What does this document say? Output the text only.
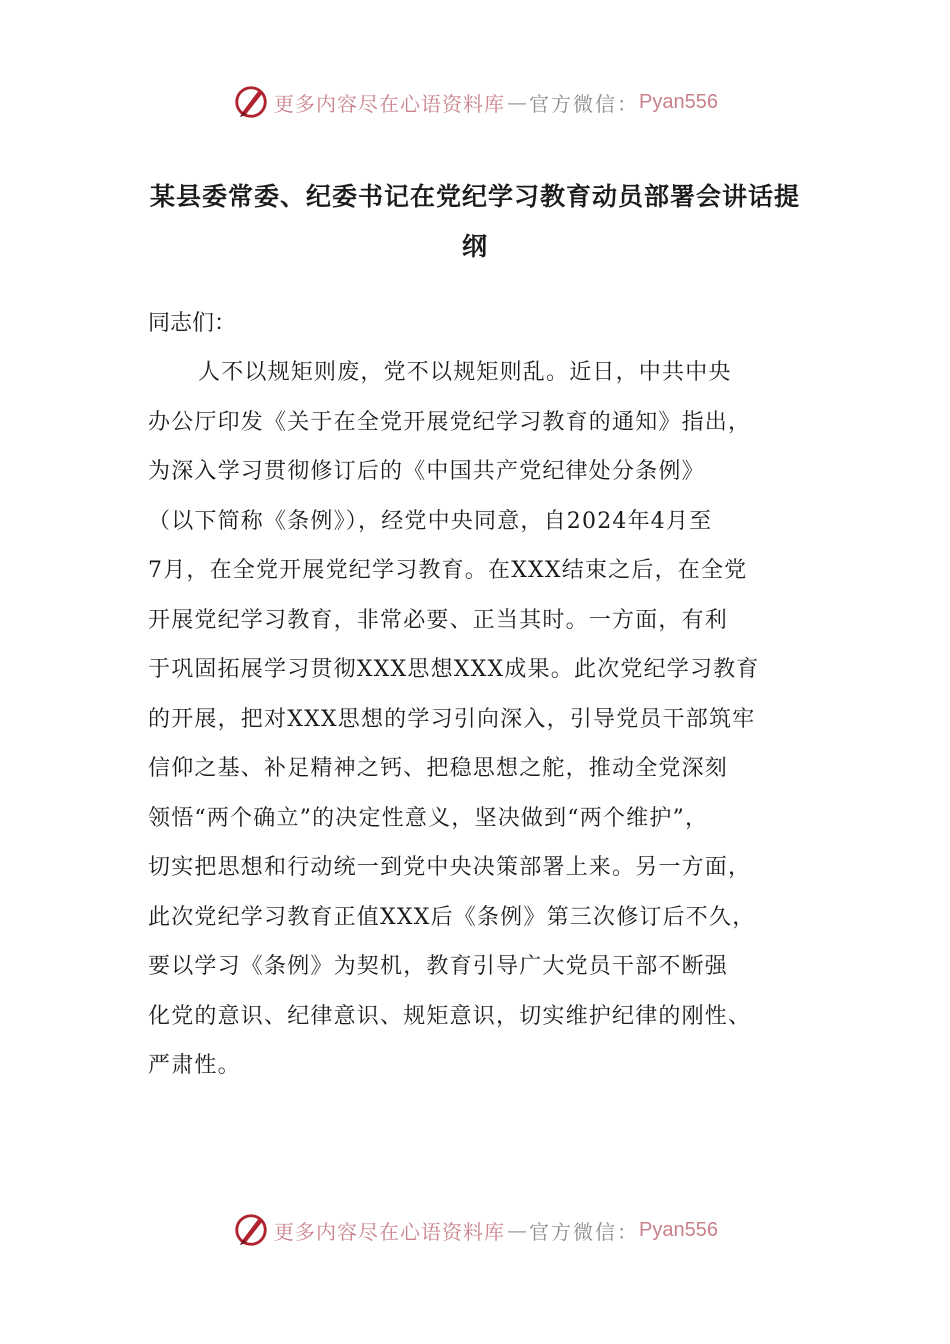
更多内容尽在心语资料库 — 官方微信： Pyan556
某县委常委、纪委书记在党纪学习教育动员部署会讲话提
纲
同志们：
人不以规矩则废，党不以规矩则乱。近日，中共中央
办公厅印发《关于在全党开展党纪学习教育的通知》指出，
为深入学习贯彻修订后的《中国共产党纪律处分条例》
（以下简称《条例》），经党中央同意，自2024年4月至
7月，在全党开展党纪学习教育。在XXX结束之后，在全党
开展党纪学习教育，非常必要、正当其时。一方面，有利
于巩固拓展学习贯彻XXX思想XXX成果。此次党纪学习教育
的开展，把对XXX思想的学习引向深入，引导党员干部筑牢
信仰之基、补足精神之钙、把稳思想之舵，推动全党深刻
领悟“两个确立”的决定性意义，坚决做到“两个维护”，
切实把思想和行动统一到党中央决策部署上来。另一方面，
此次党纪学习教育正值XXX后《条例》第三次修订后不久，
要以学习《条例》为契机，教育引导广大党员干部不断强
化党的意识、纪律意识、规矩意识，切实维护纪律的刚性、
严肃性。
更多内容尽在心语资料库 — 官方微信： Pyan556
